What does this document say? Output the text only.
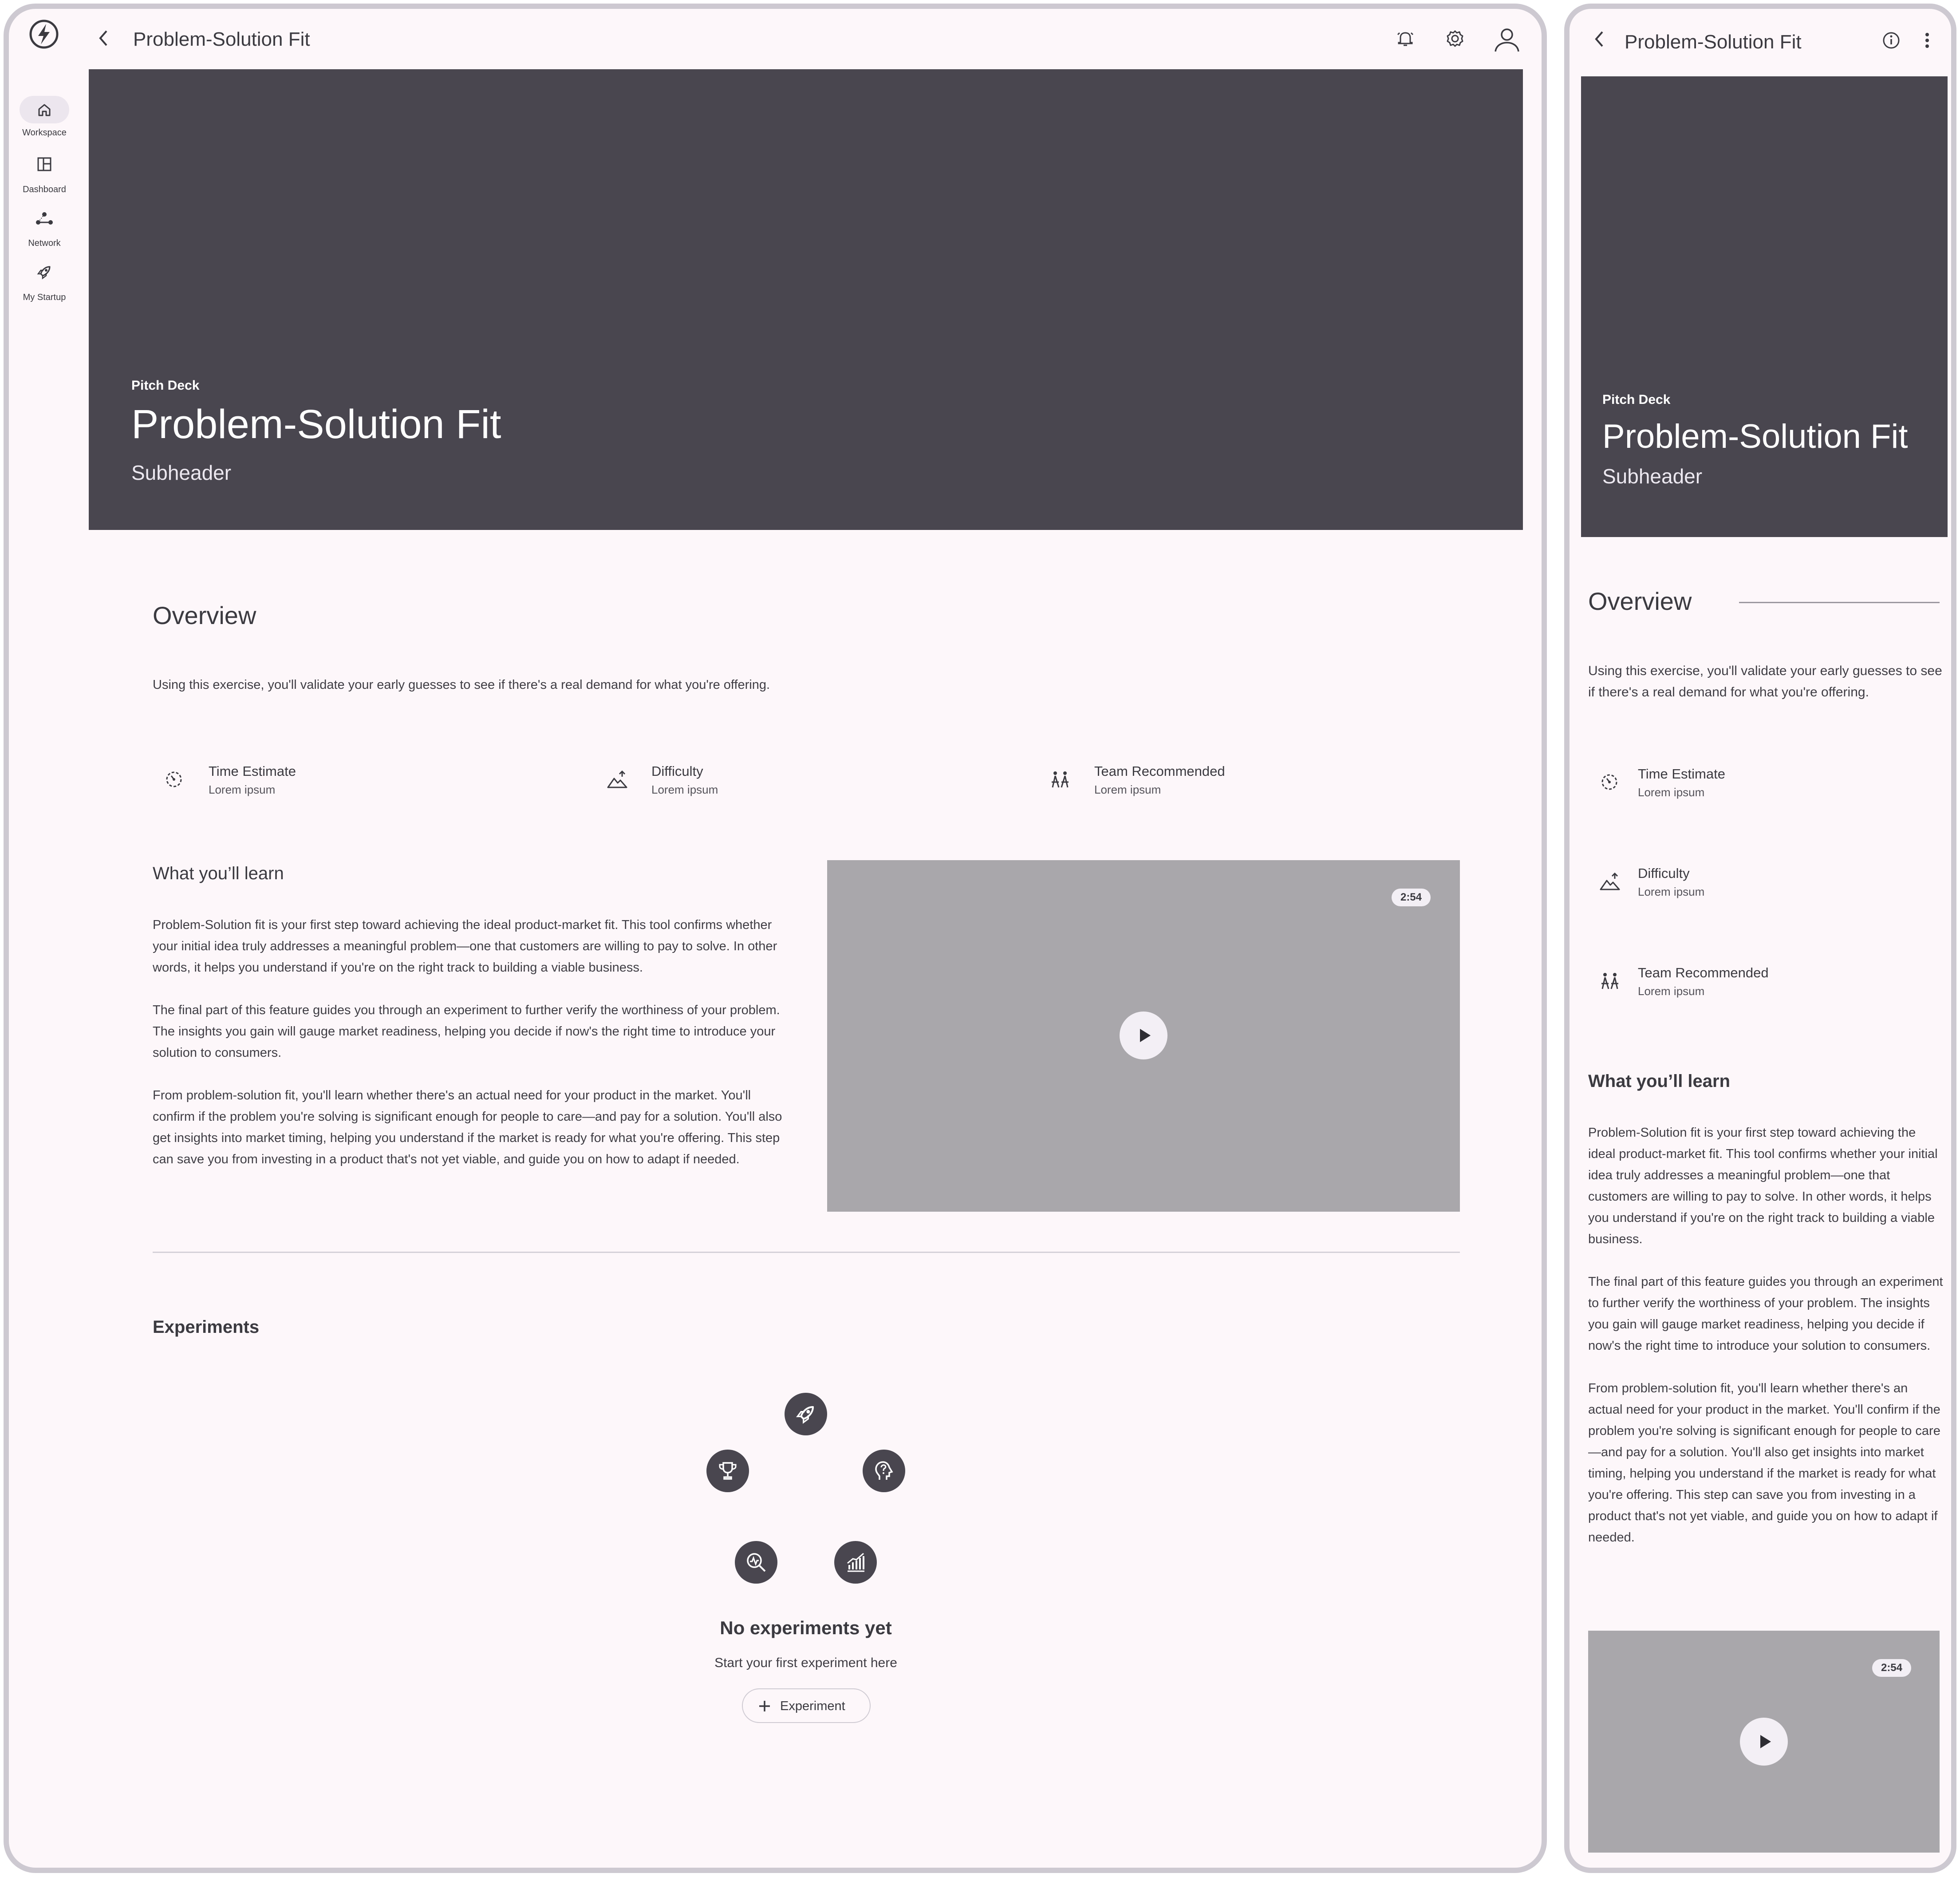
Workspace
Dashboard
Network
My Startup
Problem-Solution Fit
Pitch Deck
Problem-Solution Fit
Subheader
Overview
Using this exercise, you'll validate your early guesses to see if there's a real demand for what you're offering.
Time Estimate
Lorem ipsum
Difficulty
Lorem ipsum
Team Recommended
Lorem ipsum
What you’ll learn

Problem-Solution fit is your first step toward achieving the ideal product-market fit. This tool confirms whether your initial idea truly addresses a meaningful problem—one that customers are willing to pay to solve. In other words, it helps you understand if you're on the right track to building a viable business.

The final part of this feature guides you through an experiment to further verify the worthiness of your problem. The insights you gain will gauge market readiness, helping you decide if now's the right time to introduce your solution to consumers.

From problem-solution fit, you'll learn whether there's an actual need for your product in the market. You'll confirm if the problem you're solving is significant enough for people to care—and pay for a solution. You'll also get insights into market timing, helping you understand if the market is ready for what you're offering. This step can save you from investing in a product that's not yet viable, and guide you on how to adapt if needed.

2:54
Experiments
No experiments yet
Start your first experiment here
Experiment
Problem-Solution Fit
Pitch Deck
Problem-Solution Fit
Subheader
Overview

Using this exercise, you'll validate your early guesses to see if there's a real demand for what you're offering.

Time Estimate
Lorem ipsum
Difficulty
Lorem ipsum
Team Recommended
Lorem ipsum
What you’ll learn

Problem-Solution fit is your first step toward achieving the ideal product-market fit. This tool confirms whether your initial idea truly addresses a meaningful problem—one that customers are willing to pay to solve. In other words, it helps you understand if you're on the right track to building a viable business.

The final part of this feature guides you through an experiment to further verify the worthiness of your problem. The insights you gain will gauge market readiness, helping you decide if now's the right time to introduce your solution to consumers.

From problem-solution fit, you'll learn whether there's an actual need for your product in the market. You'll confirm if the problem you're solving is significant enough for people to care—and pay for a solution. You'll also get insights into market timing, helping you understand if the market is ready for what you're offering. This step can save you from investing in a product that's not yet viable, and guide you on how to adapt if needed.

2:54
